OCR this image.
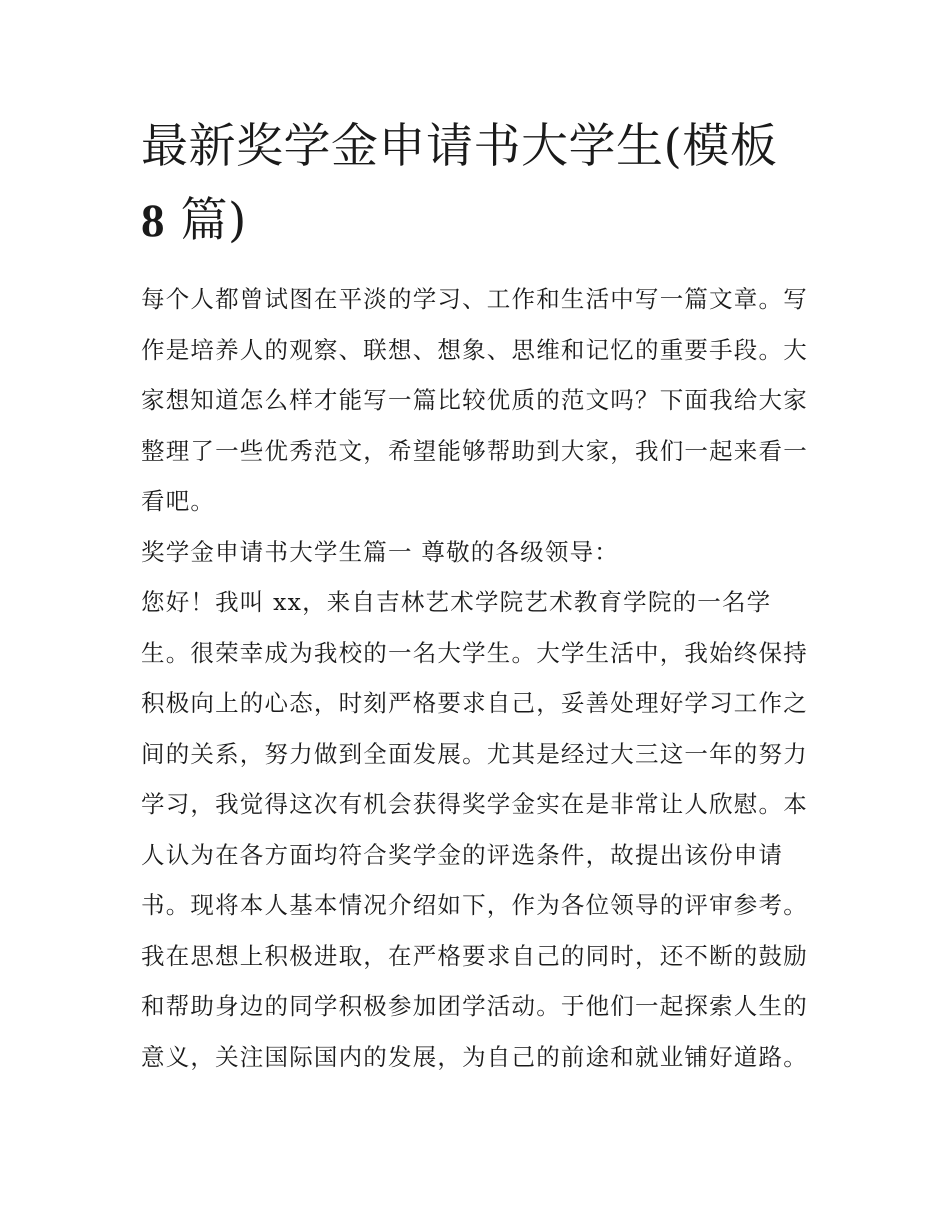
最新奖学金申请书大学生(模板
8 篇)
每个人都曾试图在平淡的学习、工作和生活中写一篇文章。写
作是培养人的观察、联想、想象、思维和记忆的重要手段。大
家想知道怎么样才能写一篇比较优质的范文吗？下面我给大家
整理了一些优秀范文，希望能够帮助到大家，我们一起来看一
看吧。
奖学金申请书大学生篇一 尊敬的各级领导：
您好！我叫 xx，来自吉林艺术学院艺术教育学院的一名学
生。很荣幸成为我校的一名大学生。大学生活中，我始终保持
积极向上的心态，时刻严格要求自己，妥善处理好学习工作之
间的关系，努力做到全面发展。尤其是经过大三这一年的努力
学习，我觉得这次有机会获得奖学金实在是非常让人欣慰。本
人认为在各方面均符合奖学金的评选条件，故提出该份申请
书。现将本人基本情况介绍如下，作为各位领导的评审参考。
我在思想上积极进取，在严格要求自己的同时，还不断的鼓励
和帮助身边的同学积极参加团学活动。于他们一起探索人生的
意义，关注国际国内的发展，为自己的前途和就业铺好道路。
